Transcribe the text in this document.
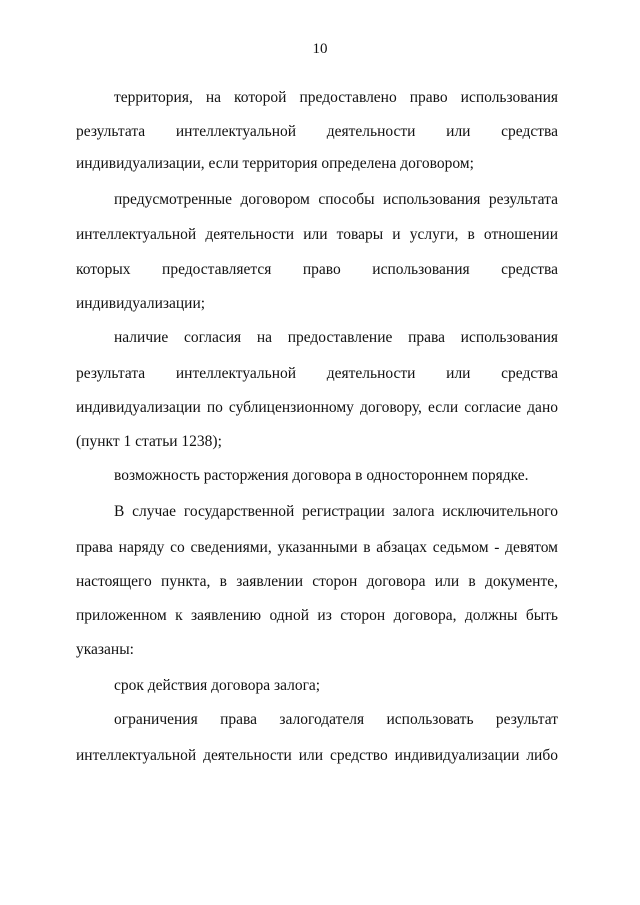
10
территория, на которой предоставлено право использования
результата интеллектуальной деятельности или средства
индивидуализации, если территория определена договором;
предусмотренные договором способы использования результата
интеллектуальной деятельности или товары и услуги, в отношении
которых предоставляется право использования средства
индивидуализации;
наличие согласия на предоставление права использования
результата интеллектуальной деятельности или средства
индивидуализации по сублицензионному договору, если согласие дано
(пункт 1 статьи 1238);
возможность расторжения договора в одностороннем порядке.
В случае государственной регистрации залога исключительного
права наряду со сведениями, указанными в абзацах седьмом - девятом
настоящего пункта, в заявлении сторон договора или в документе,
приложенном к заявлению одной из сторон договора, должны быть
указаны:
срок действия договора залога;
ограничения права залогодателя использовать результат
интеллектуальной деятельности или средство индивидуализации либо
